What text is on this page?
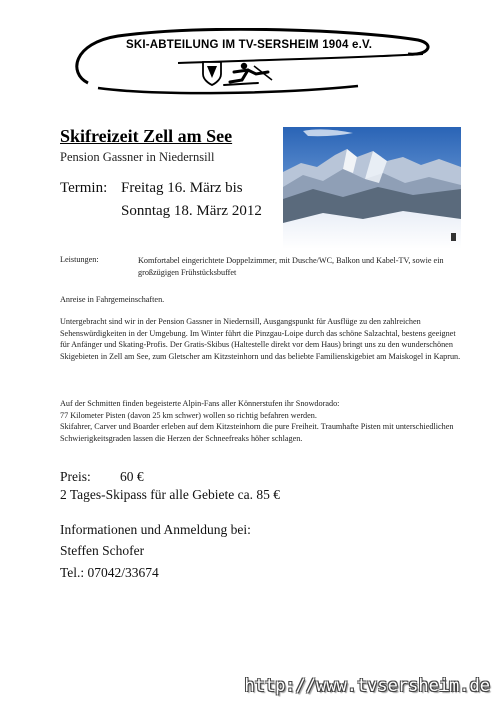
SKI-ABTEILUNG IM TV-SERSHEIM 1904 e.V.
Skifreizeit Zell am See
Pension Gassner in Niedernsill
Termin: Freitag 16. März bis
Sonntag 18. März 2012
Leistungen:	Komfortabel eingerichtete Doppelzimmer, mit Dusche/WC, Balkon und Kabel-TV, sowie ein großzügigen Frühstücksbuffet
Anreise in Fahrgemeinschaften.
Untergebracht sind wir in der Pension Gassner in Niedernsill, Ausgangspunkt für Ausflüge zu den zahlreichen Sehenswürdigkeiten in der Umgebung. Im Winter führt die Pinzgau-Loipe durch das schöne Salzachtal, bestens geeignet für Anfänger und Skating-Profis. Der Gratis-Skibus (Haltestelle direkt vor dem Haus) bringt uns zu den wunderschönen Skigebieten in Zell am See, zum Gletscher am Kitzsteinhorn und das beliebte Familienskigebiet am Maiskogel in Kaprun.

Auf der Schmitten finden begeisterte Alpin-Fans aller Könnerstufen ihr Snowdorado:

77 Kilometer Pisten (davon 25 km schwer) wollen so richtig befahren werden.

Skifahrer, Carver und Boarder erleben auf dem Kitzsteinhorn die pure Freiheit. Traumhafte Pisten mit unterschiedlichen Schwierigkeitsgraden lassen die Herzen der Schneefreaks höher schlagen.

Preis: 60 €
2 Tages-Skipass für alle Gebiete ca. 85 €
Informationen und Anmeldung bei:
Steffen Schofer
Tel.: 07042/33674
http://www.tvsersheim.de
